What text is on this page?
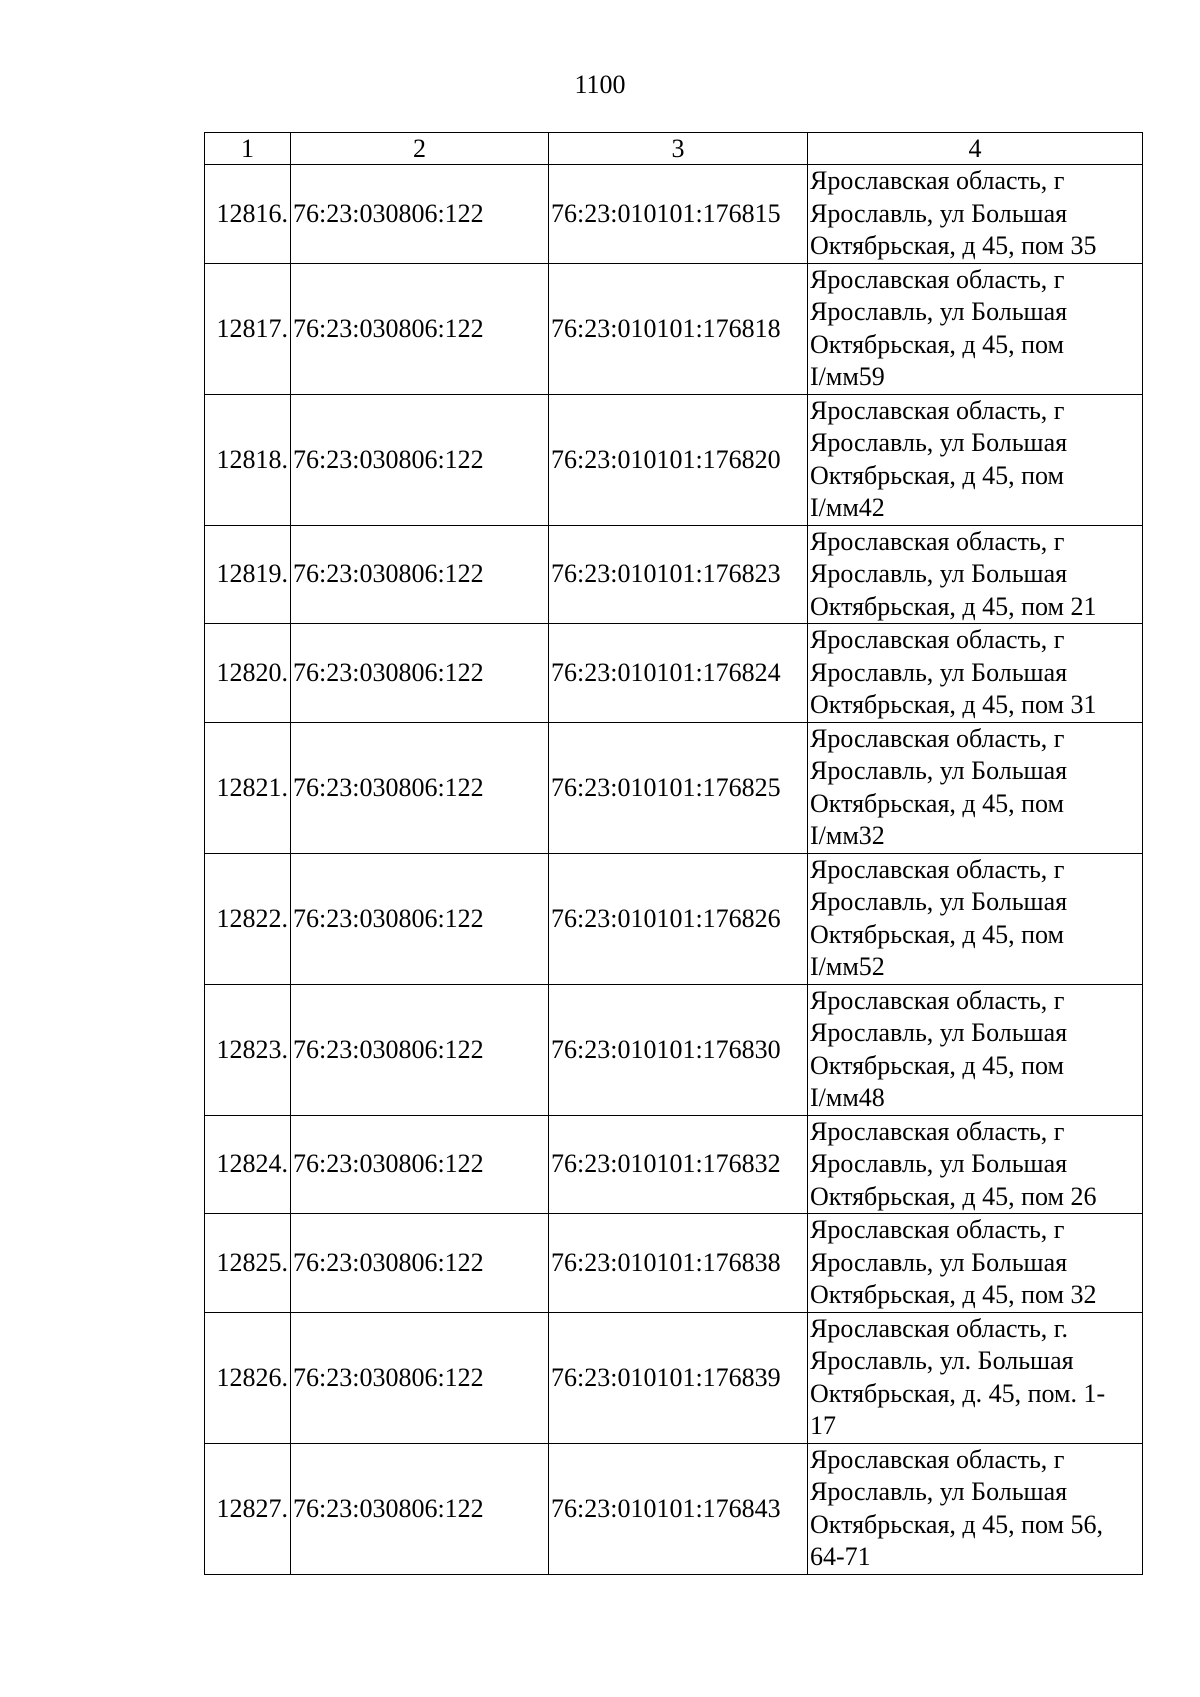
1100
1	2	3	4
12816.	76:23:030806:122	76:23:010101:176815	Ярославская область, г
Ярославль, ул Большая
Октябрьская, д 45, пом 35
12817.	76:23:030806:122	76:23:010101:176818	Ярославская область, г
Ярославль, ул Большая
Октябрьская, д 45, пом
I/мм59
12818.	76:23:030806:122	76:23:010101:176820	Ярославская область, г
Ярославль, ул Большая
Октябрьская, д 45, пом
I/мм42
12819.	76:23:030806:122	76:23:010101:176823	Ярославская область, г
Ярославль, ул Большая
Октябрьская, д 45, пом 21
12820.	76:23:030806:122	76:23:010101:176824	Ярославская область, г
Ярославль, ул Большая
Октябрьская, д 45, пом 31
12821.	76:23:030806:122	76:23:010101:176825	Ярославская область, г
Ярославль, ул Большая
Октябрьская, д 45, пом
I/мм32
12822.	76:23:030806:122	76:23:010101:176826	Ярославская область, г
Ярославль, ул Большая
Октябрьская, д 45, пом
I/мм52
12823.	76:23:030806:122	76:23:010101:176830	Ярославская область, г
Ярославль, ул Большая
Октябрьская, д 45, пом
I/мм48
12824.	76:23:030806:122	76:23:010101:176832	Ярославская область, г
Ярославль, ул Большая
Октябрьская, д 45, пом 26
12825.	76:23:030806:122	76:23:010101:176838	Ярославская область, г
Ярославль, ул Большая
Октябрьская, д 45, пом 32
12826.	76:23:030806:122	76:23:010101:176839	Ярославская область, г.
Ярославль, ул. Большая
Октябрьская, д. 45, пом. 1-
17
12827.	76:23:030806:122	76:23:010101:176843	Ярославская область, г
Ярославль, ул Большая
Октябрьская, д 45, пом 56,
64-71
